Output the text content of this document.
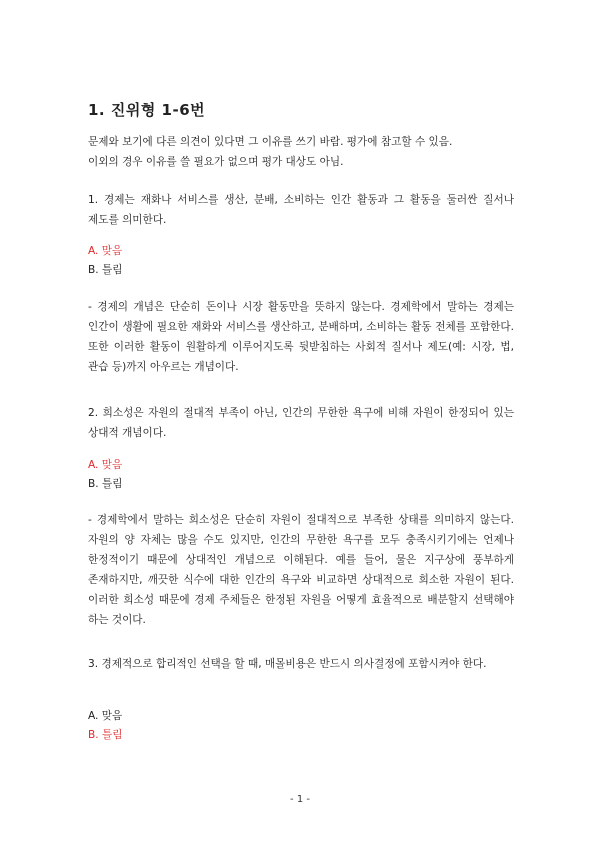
1. 진위형 1-6번

문제와 보기에 다른 의견이 있다면 그 이유를 쓰기 바람. 평가에 참고할 수 있음.

이외의 경우 이유를 쓸 필요가 없으며 평가 대상도 아님.

1. 경제는 재화나 서비스를 생산, 분배, 소비하는 인간 활동과 그 활동을 둘러싼 질서나 제도를 의미한다.

A. 맞음

B. 틀림

- 경제의 개념은 단순히 돈이나 시장 활동만을 뜻하지 않는다. 경제학에서 말하는 경제는 인간이 생활에 필요한 재화와 서비스를 생산하고, 분배하며, 소비하는 활동 전체를 포함한다. 또한 이러한 활동이 원활하게 이루어지도록 뒷받침하는 사회적 질서나 제도(예: 시장, 법, 관습 등)까지 아우르는 개념이다.

2. 희소성은 자원의 절대적 부족이 아닌, 인간의 무한한 욕구에 비해 자원이 한정되어 있는 상대적 개념이다.

A. 맞음

B. 틀림

- 경제학에서 말하는 희소성은 단순히 자원이 절대적으로 부족한 상태를 의미하지 않는다. 자원의 양 자체는 많을 수도 있지만, 인간의 무한한 욕구를 모두 충족시키기에는 언제나 한정적이기 때문에 상대적인 개념으로 이해된다. 예를 들어, 물은 지구상에 풍부하게 존재하지만, 깨끗한 식수에 대한 인간의 욕구와 비교하면 상대적으로 희소한 자원이 된다. 이러한 희소성 때문에 경제 주체들은 한정된 자원을 어떻게 효율적으로 배분할지 선택해야 하는 것이다.

3. 경제적으로 합리적인 선택을 할 때, 매몰비용은 반드시 의사결정에 포함시켜야 한다.

A. 맞음

B. 틀림

- 1 -
